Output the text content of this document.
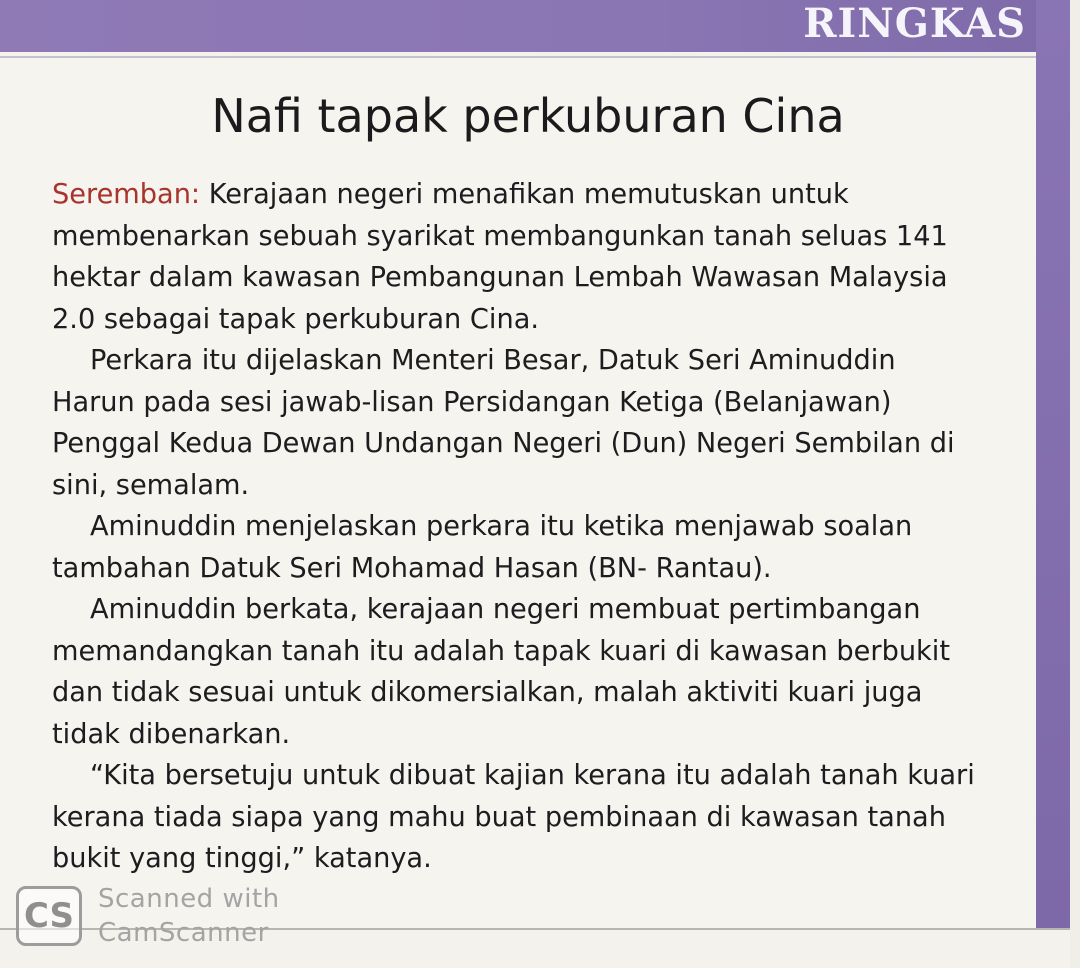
RINGKAS
Nafi tapak perkuburan Cina

Seremban: Kerajaan negeri menafikan memutuskan untuk membenarkan sebuah syarikat membangunkan tanah seluas 141 hektar dalam kawasan Pembangunan Lembah Wawasan Malaysia 2.0 sebagai tapak perkuburan Cina.

Perkara itu dijelaskan Menteri Besar, Datuk Seri Aminuddin Harun pada sesi jawab-lisan Persidangan Ketiga (Belanjawan) Penggal Kedua Dewan Undangan Negeri (Dun) Negeri Sembilan di sini, semalam.

Aminuddin menjelaskan perkara itu ketika menjawab soalan tambahan Datuk Seri Mohamad Hasan (BN- Rantau).

Aminuddin berkata, kerajaan negeri membuat pertimbangan memandangkan tanah itu adalah tapak kuari di kawasan berbukit dan tidak sesuai untuk dikomersialkan, malah aktiviti kuari juga tidak dibenarkan.

“Kita bersetuju untuk dibuat kajian kerana itu adalah tanah kuari kerana tiada siapa yang mahu buat pembinaan di kawasan tanah bukit yang tinggi,” katanya.

CS Scanned with
CamScanner
